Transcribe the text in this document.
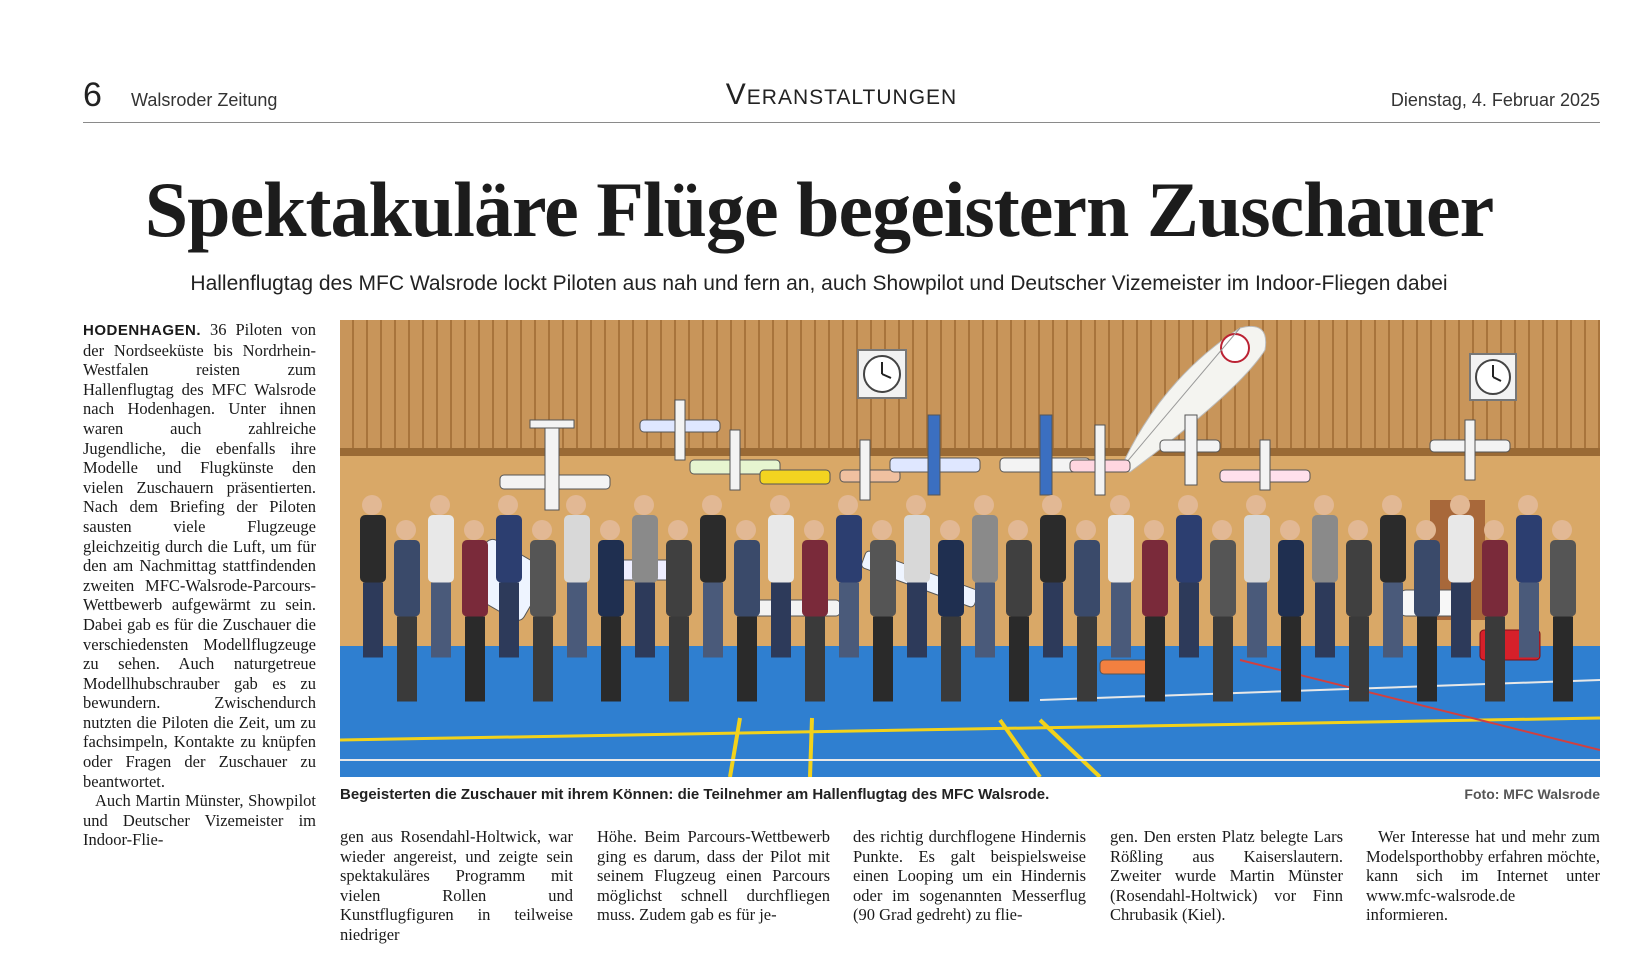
6 Walsroder Zeitung	Veranstaltungen	Dienstag, 4. Februar 2025
Spektakuläre Flüge begeistern Zuschauer
Hallenflugtag des MFC Walsrode lockt Piloten aus nah und fern an, auch Showpilot und Deutscher Vizemeister im Indoor-Fliegen dabei

HODENHAGEN. 36 Piloten von der Nordseeküste bis Nordrhein-Westfalen reisten zum Hallenflugtag des MFC Walsrode nach Hodenhagen. Unter ihnen waren auch zahlreiche Jugendliche, die ebenfalls ihre Modelle und Flugkünste den vielen Zuschauern präsentierten. Nach dem Briefing der Piloten sausten viele Flugzeuge gleichzeitig durch die Luft, um für den am Nachmittag stattfindenden zweiten MFC-Walsrode-Parcours-Wettbewerb aufgewärmt zu sein. Dabei gab es für die Zuschauer die verschiedensten Modellflugzeuge zu sehen. Auch naturgetreue Modellhubschrauber gab es zu bewundern. Zwischendurch nutzten die Piloten die Zeit, um zu fachsimpeln, Kontakte zu knüpfen oder Fragen der Zuschauer zu beantwortet.

Auch Martin Münster, Showpilot und Deutscher Vizemeister im Indoor-Flie-

Begeisterten die Zuschauer mit ihrem Können: die Teilnehmer am Hallenflugtag des MFC Walsrode.	Foto: MFC Walsrode

gen aus Rosendahl-Holtwick, war wieder angereist, und zeigte sein spektakuläres Programm mit vielen Rollen und Kunstflugfiguren in teilweise niedriger

Höhe. Beim Parcours-Wettbewerb ging es darum, dass der Pilot mit seinem Flugzeug einen Parcours möglichst schnell durchfliegen muss. Zudem gab es für je-

des richtig durchflogene Hindernis Punkte. Es galt beispielsweise einen Looping um ein Hindernis oder im sogenannten Messerflug (90 Grad gedreht) zu flie-

gen. Den ersten Platz belegte Lars Rößling aus Kaiserslautern. Zweiter wurde Martin Münster (Rosendahl-Holtwick) vor Finn Chrubasik (Kiel).

Wer Interesse hat und mehr zum Modelsporthobby erfahren möchte, kann sich im Internet unter www.mfc-walsrode.de informieren.
